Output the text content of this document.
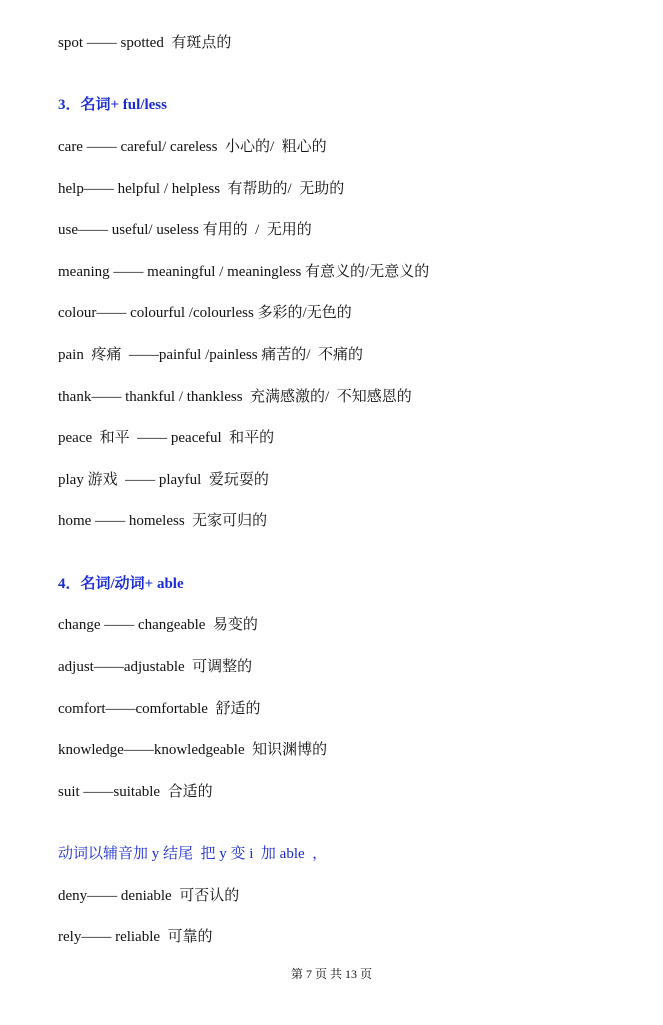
spot —— spotted  有斑点的
3．名词+ ful/less
care —— careful/ careless  小心的/  粗心的
help—— helpful / helpless  有帮助的/  无助的
use—— useful/ useless 有用的  /  无用的
meaning —— meaningful / meaningless 有意义的/无意义的
colour—— colourful /colourless 多彩的/无色的
pain  疼痛  ——painful /painless 痛苦的/  不痛的
thank—— thankful / thankless  充满感激的/  不知感恩的
peace  和平  —— peaceful  和平的
play 游戏  —— playful  爱玩耍的
home —— homeless  无家可归的
4．名词/动词+ able
change —— changeable  易变的
adjust——adjustable  可调整的
comfort——comfortable  舒适的
knowledge——knowledgeable  知识渊博的
suit ——suitable  合适的
动词以辅音加 y 结尾  把 y 变 i  加 able  ，
deny—— deniable  可否认的
rely—— reliable  可靠的
第 7 页 共 13 页
